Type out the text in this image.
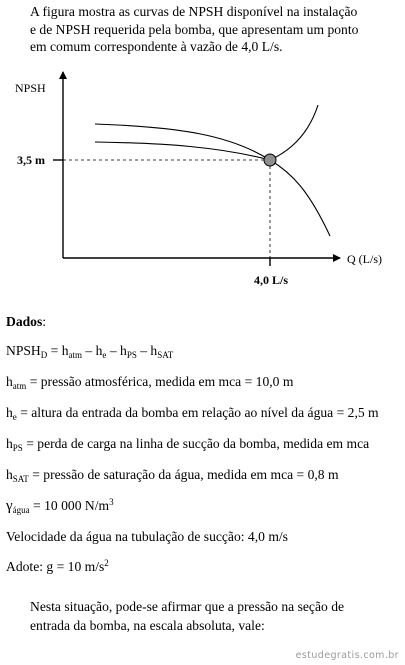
A figura mostra as curvas de NPSH disponível na instalação
e de NPSH requerida pela bomba, que apresentam um ponto
em comum correspondente à vazão de 4,0 L/s.
NPSH
Q (L/s)
3,5 m
4,0 L/s
Dados:
$NPSH_D = h_{atm} - h_e - h_{PS} - h_{SAT}$
$h_{atm}$ = pressão atmosférica, medida em mca = 10,0 m
$h_e$ = altura da entrada da bomba em relação ao nível da água = 2,5 m
$h_{PS}$ = perda de carga na linha de sucção da bomba, medida em mca
$h_{SAT}$ = pressão de saturação da água, medida em mca = 0,8 m
$\gamma_{água} = 10$ 000 $N/m^3$
Velocidade da água na tubulação de sucção: 4,0 m/s
Adote: g = 10 $m/s^2$
Nesta situação, pode-se afirmar que a pressão na seção de
entrada da bomba, na escala absoluta, vale:
estudegratis.com.br
